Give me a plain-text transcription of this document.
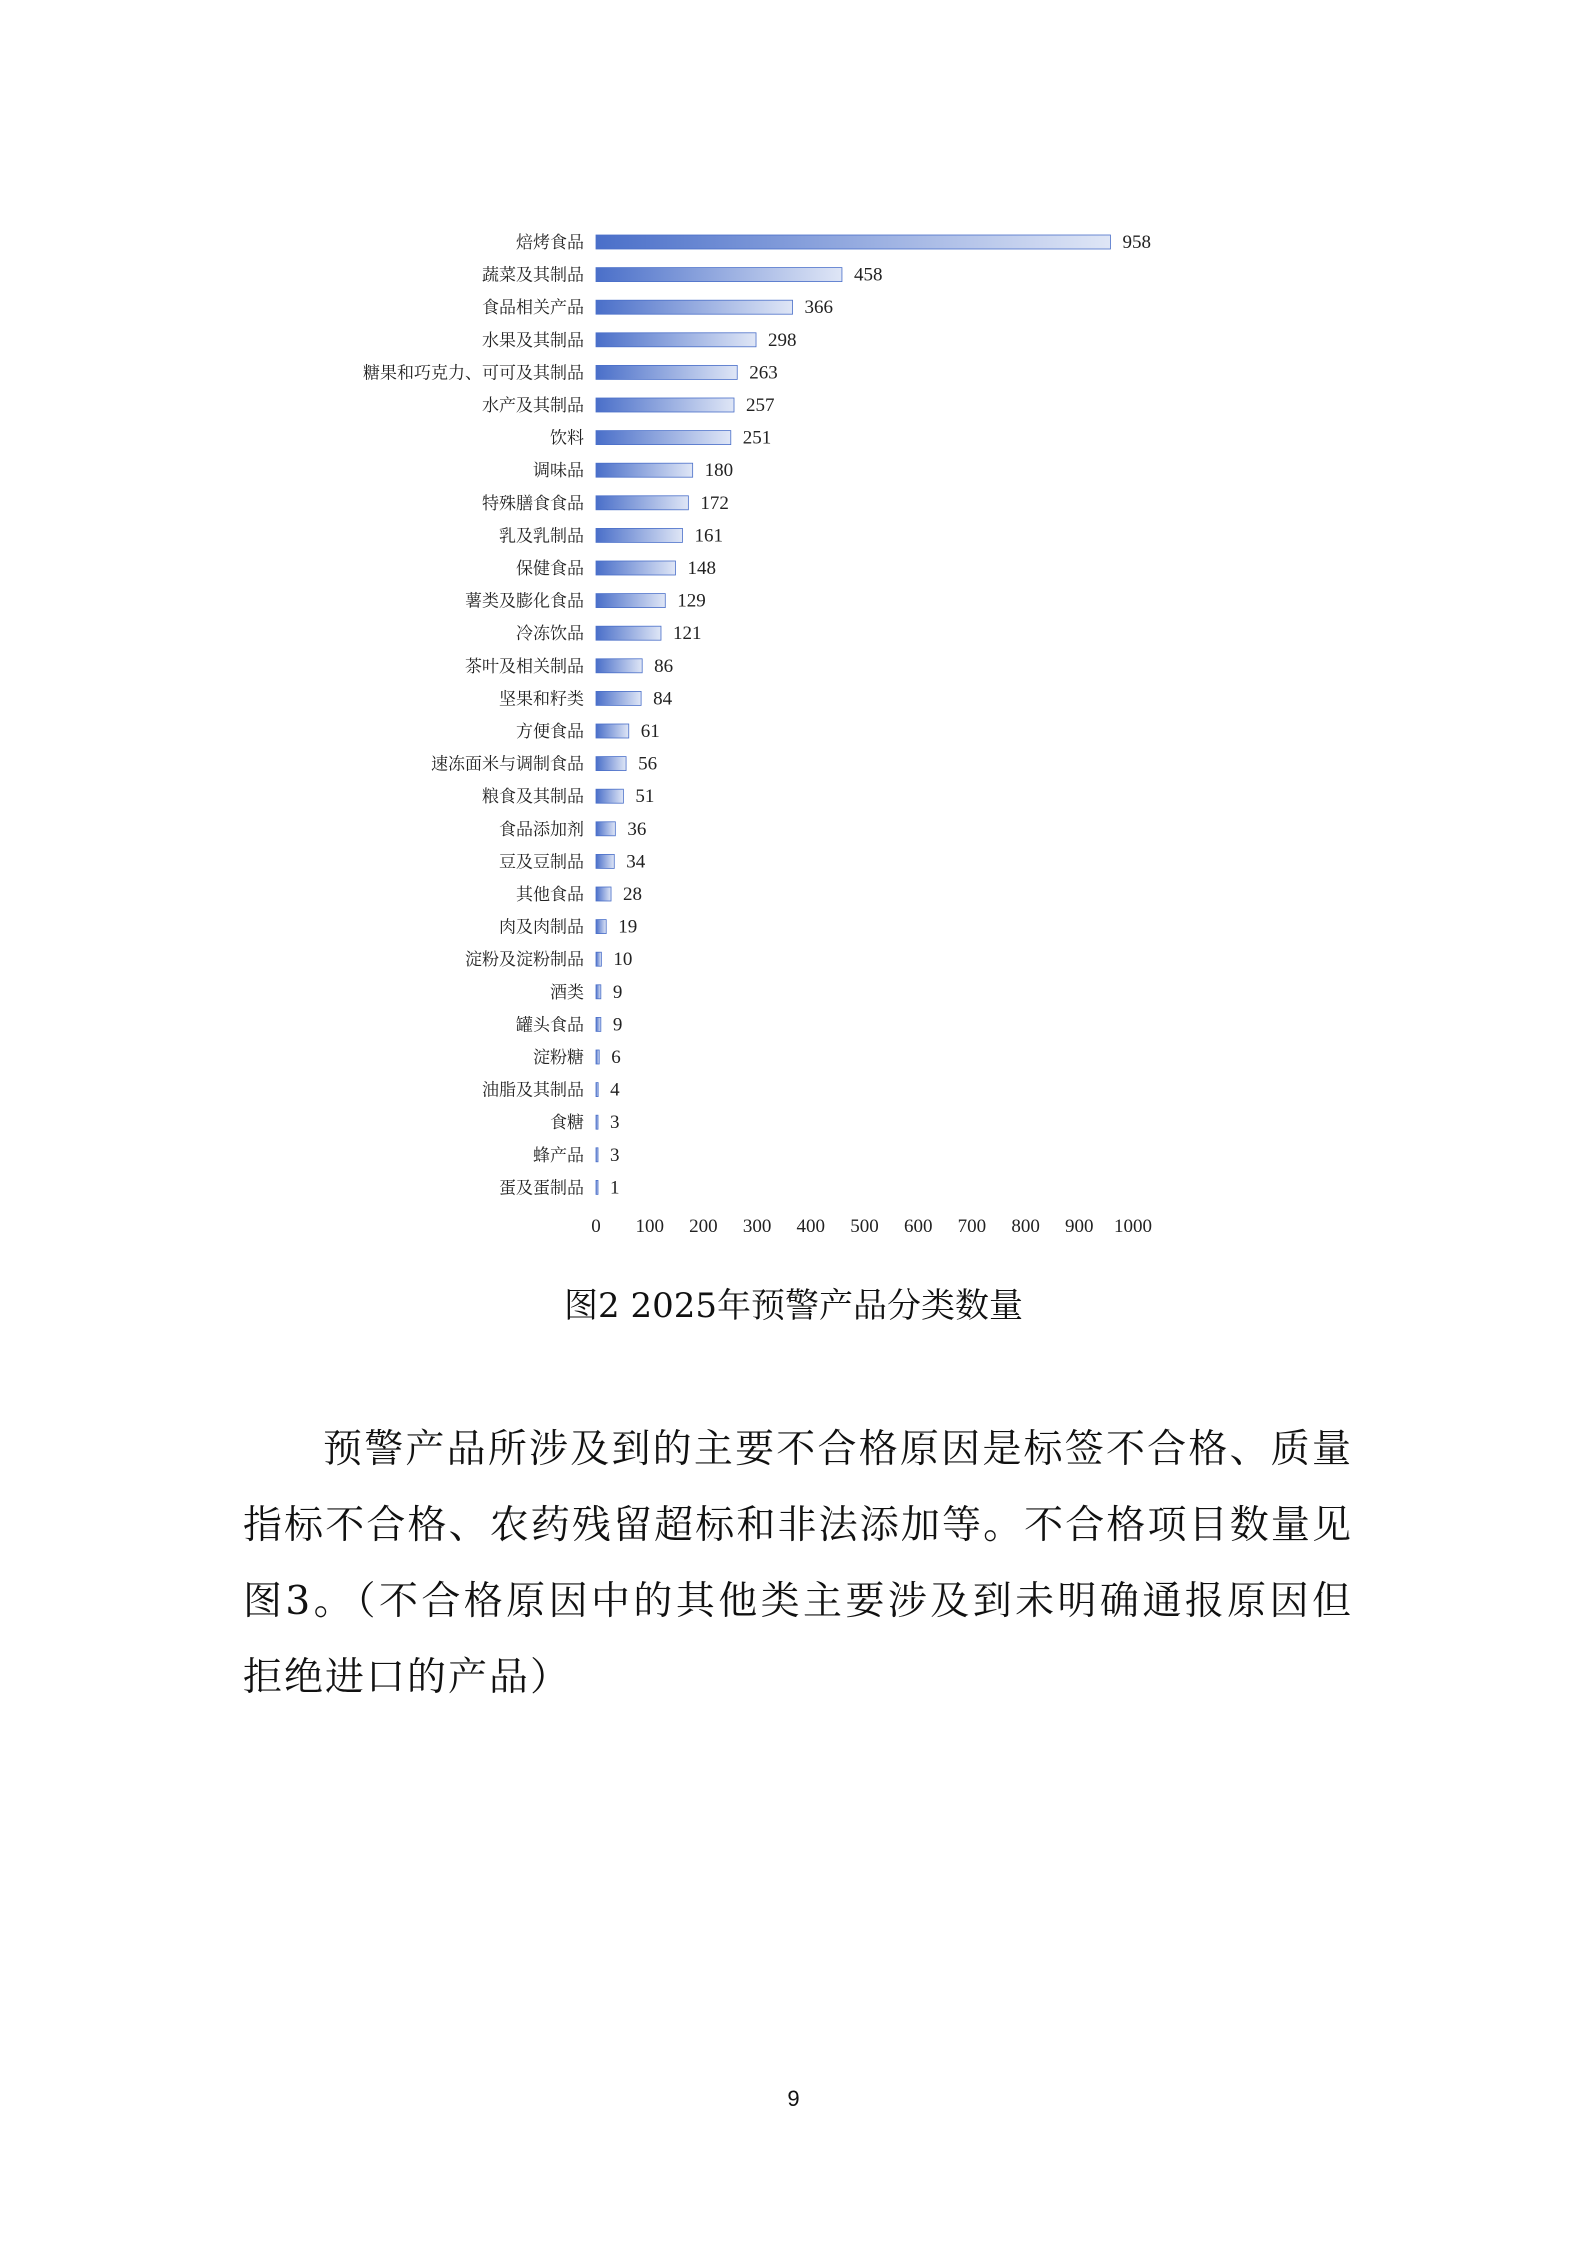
焙烤食品
蔬菜及其制品
食品相关产品
水果及其制品
糖果和巧克力、可可及其制品
水产及其制品
饮料
调味品
特殊膳食食品
乳及乳制品
保健食品
薯类及膨化食品
冷冻饮品
茶叶及相关制品
坚果和籽类
方便食品
速冻面米与调制食品
粮食及其制品
食品添加剂
豆及豆制品
其他食品
肉及肉制品
淀粉及淀粉制品
酒类
罐头食品
淀粉糖
油脂及其制品
食糖
蜂产品
蛋及蛋制品
958
458
366
298
263
257
251
180
172
161
148
129
121
86
84
61
56
51
36
34
28
19
10
9
9
6
4
3
3
1
0 100 200 300 400 500 600 700 800 900 1000
图2 2025年预警产品分类数量

预警产品所涉及到的主要不合格原因是标签不合格、质量指标不合格、农药残留超标和非法添加等。不合格项目数量见图3。（不合格原因中的其他类主要涉及到未明确通报原因但拒绝进口的产品）

9
